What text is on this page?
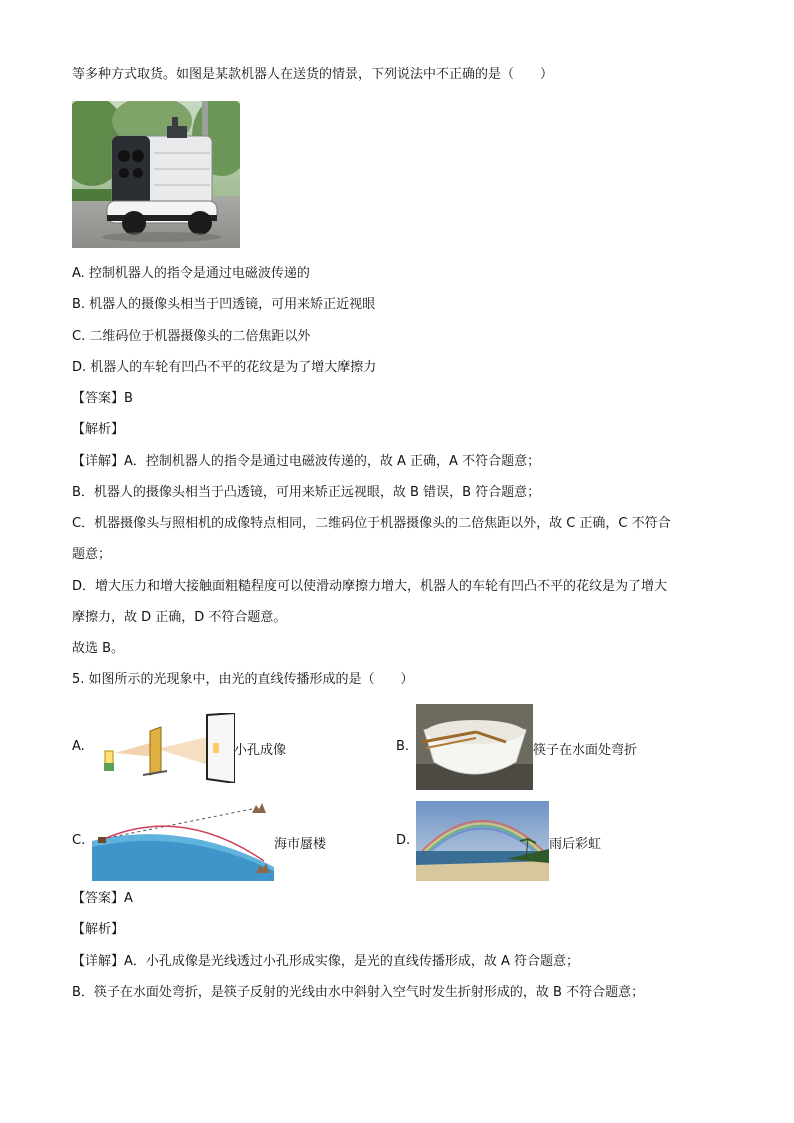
等多种方式取货。如图是某款机器人在送货的情景，下列说法中不正确的是（　　）
A. 控制机器人的指令是通过电磁波传递的
B. 机器人的摄像头相当于凹透镜，可用来矫正近视眼
C. 二维码位于机器摄像头的二倍焦距以外
D. 机器人的车轮有凹凸不平的花纹是为了增大摩擦力
【答案】B
【解析】
【详解】A．控制机器人的指令是通过电磁波传递的，故 A 正确，A 不符合题意；
B．机器人的摄像头相当于凸透镜，可用来矫正远视眼，故 B 错误，B 符合题意；
C．机器摄像头与照相机的成像特点相同，二维码位于机器摄像头的二倍焦距以外，故 C 正确，C 不符合
题意；
D．增大压力和增大接触面粗糙程度可以使滑动摩擦力增大，机器人的车轮有凹凸不平的花纹是为了增大
摩擦力，故 D 正确，D 不符合题意。
故选 B。
5. 如图所示的光现象中，由光的直线传播形成的是（　　）
A.	小孔成像	B.	筷子在水面处弯折
C.	海市蜃楼	D.	雨后彩虹
【答案】A
【解析】
【详解】A．小孔成像是光线透过小孔形成实像，是光的直线传播形成，故 A 符合题意；
B．筷子在水面处弯折，是筷子反射的光线由水中斜射入空气时发生折射形成的，故 B 不符合题意；
